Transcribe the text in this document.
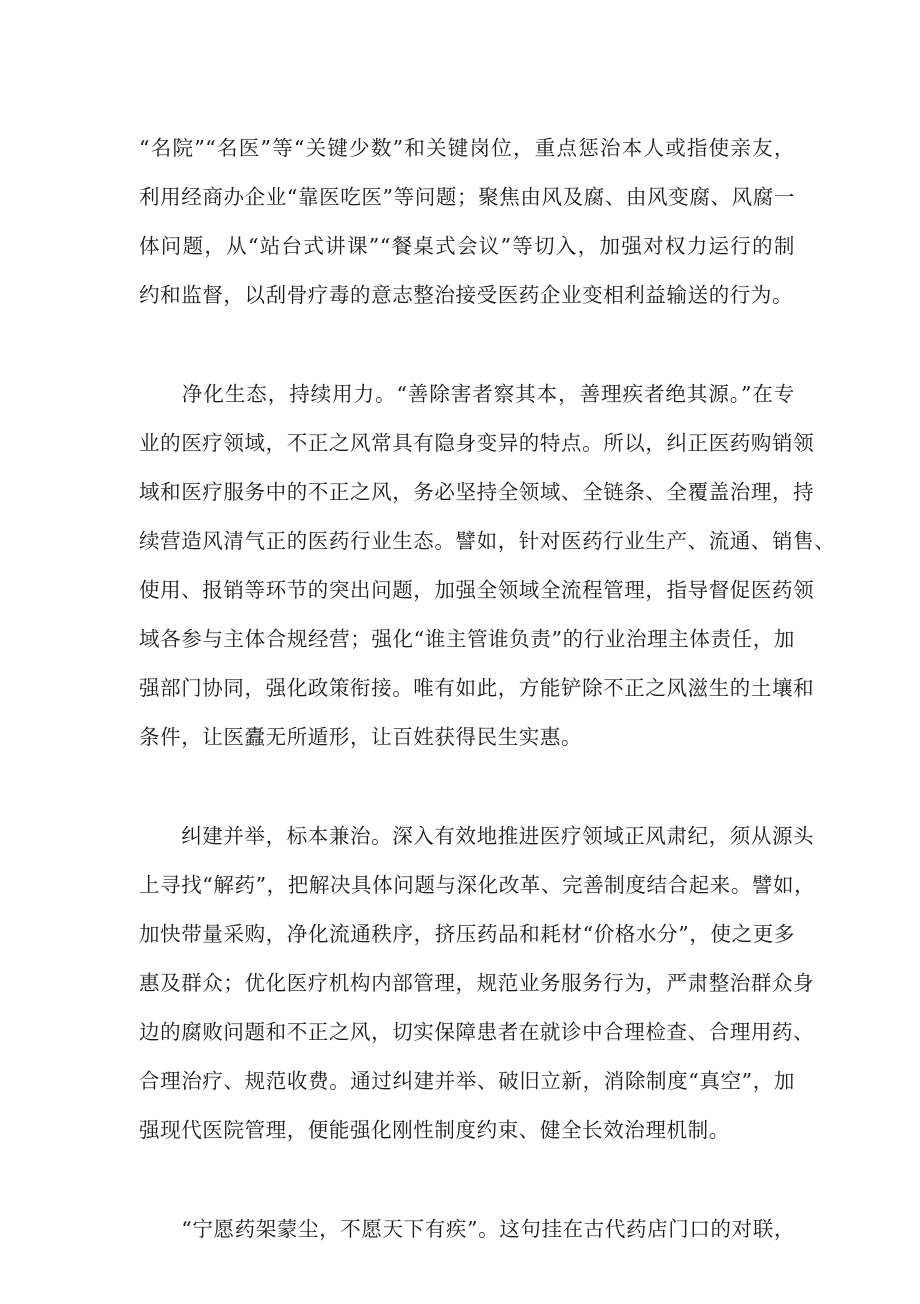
“名院”“名医”等“关键少数”和关键岗位，重点惩治本人或指使亲友，
利用经商办企业“靠医吃医”等问题；聚焦由风及腐、由风变腐、风腐一
体问题，从“站台式讲课”“餐桌式会议”等切入，加强对权力运行的制
约和监督，以刮骨疗毒的意志整治接受医药企业变相利益输送的行为。
　　净化生态，持续用力。“善除害者察其本，善理疾者绝其源。”在专
业的医疗领域，不正之风常具有隐身变异的特点。所以，纠正医药购销领
域和医疗服务中的不正之风，务必坚持全领域、全链条、全覆盖治理，持
续营造风清气正的医药行业生态。譬如，针对医药行业生产、流通、销售、
使用、报销等环节的突出问题，加强全领域全流程管理，指导督促医药领
域各参与主体合规经营；强化“谁主管谁负责”的行业治理主体责任，加
强部门协同，强化政策衔接。唯有如此，方能铲除不正之风滋生的土壤和
条件，让医蠹无所遁形，让百姓获得民生实惠。
　　纠建并举，标本兼治。深入有效地推进医疗领域正风肃纪，须从源头
上寻找“解药”，把解决具体问题与深化改革、完善制度结合起来。譬如，
加快带量采购，净化流通秩序，挤压药品和耗材“价格水分”，使之更多
惠及群众；优化医疗机构内部管理，规范业务服务行为，严肃整治群众身
边的腐败问题和不正之风，切实保障患者在就诊中合理检查、合理用药、
合理治疗、规范收费。通过纠建并举、破旧立新，消除制度“真空”，加
强现代医院管理，便能强化刚性制度约束、健全长效治理机制。
　　“宁愿药架蒙尘，不愿天下有疾”。这句挂在古代药店门口的对联，
